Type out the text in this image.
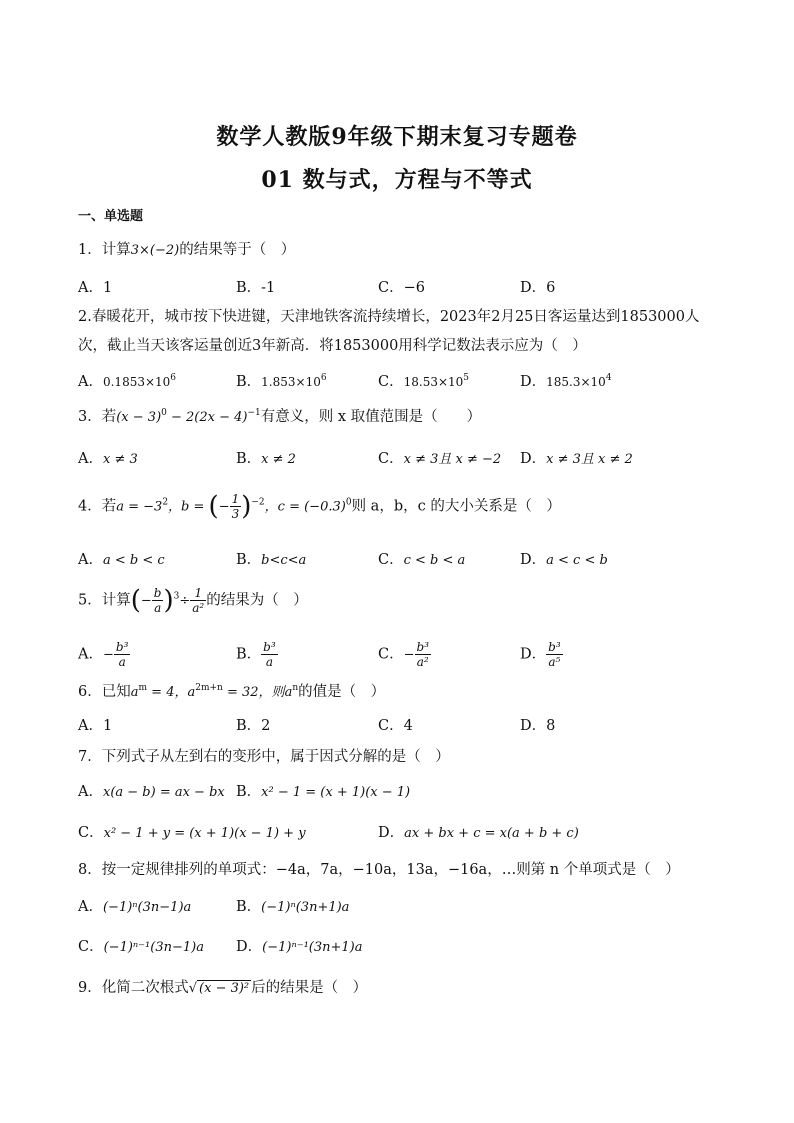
数学人教版9年级下期末复习专题卷
01 数与式，方程与不等式
一、单选题
1．计算3×(−2)的结果等于（　）
A．1	B．-1	C．−6	D．6
2.春暖花开，城市按下快进键，天津地铁客流持续增长，2023年2月25日客运量达到1853000人次，截止当天该客运量创近3年新高．将1853000用科学记数法表示应为（　）
A．$0.1853\times 10^6$	B．$1.853\times 10^6$	C．$18.53\times 10^5$	D．$185.3\times 10^4$
3．若$(x - 3)^0 - 2(2x - 4)^{-1}$有意义，则 x 取值范围是（　　）
A．x ≠ 3	B．x ≠ 2	C．x ≠ 3且 x ≠ −2 D．x ≠ 3且 x ≠ 2
4．若$a = -3^2$，b = (− $\frac{1}{3} )^{-2}$，$c = (-0.3)^0$则 a，b，c 的大小关系是（　）
A．a < b < c	B．b<c<a	C．c < b < a	D．a < c < b
5．计算(− $\frac{b}{a} )^3\div \frac{1}{\text{a²}}$ 的结果为（　）
A．− $\frac{\text{b³}}{a}$	B． $\frac{\text{b³}}{a}$	C．− $\frac{\text{b³}}{\text{a²}}$	D． $\frac{\text{b³}}{\text{a⁵}}$
6．已知$a^m = 4$，$a^{2m+n} = 32$，则$a^n$的值是（　）
A．1	B．2	C．4	D．8
7．下列式子从左到右的变形中，属于因式分解的是（　）
A．x(a − b) = ax − bx B．x² − 1 = (x + 1)(x − 1)
C．x² − 1 + y = (x + 1)(x − 1) + y	D．ax + bx + c = x(a + b + c)
8．按一定规律排列的单项式：−4a，7a，−10a，13a，−16a，…则第 n 个单项式是（　）
A．(−1)ⁿ(3n−1)a	B．(−1)ⁿ(3n+1)a
C．(−1)ⁿ⁻¹(3n−1)a D．(−1)ⁿ⁻¹(3n+1)a
9．化简二次根式√ (x − 3)² 后的结果是（　）
